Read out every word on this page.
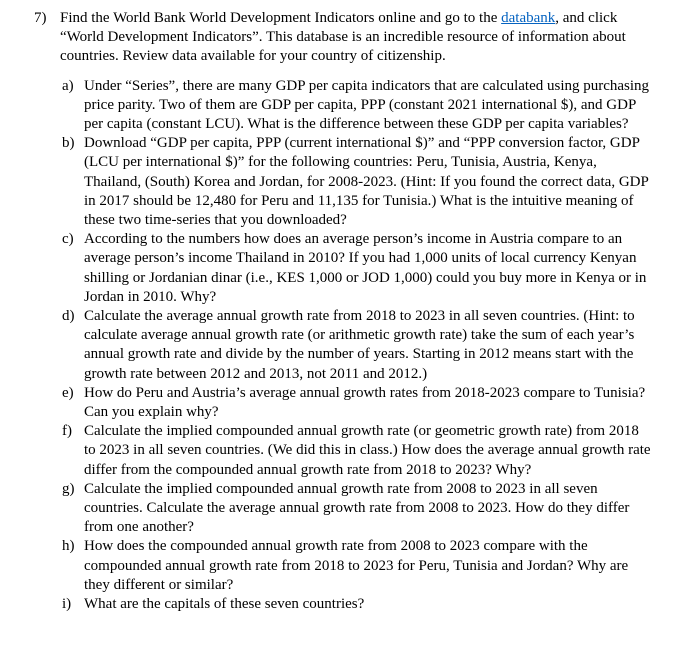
7) Find the World Bank World Development Indicators online and go to the databank, and click “World Development Indicators”. This database is an incredible resource of information about countries. Review data available for your country of citizenship.
a) Under “Series”, there are many GDP per capita indicators that are calculated using purchasing price parity. Two of them are GDP per capita, PPP (constant 2021 international $), and GDP per capita (constant LCU). What is the difference between these GDP per capita variables?
b) Download “GDP per capita, PPP (current international $)” and “PPP conversion factor, GDP (LCU per international $)” for the following countries: Peru, Tunisia, Austria, Kenya, Thailand, (South) Korea and Jordan, for 2008-2023. (Hint: If you found the correct data, GDP in 2017 should be 12,480 for Peru and 11,135 for Tunisia.) What is the intuitive meaning of these two time-series that you downloaded?
c) According to the numbers how does an average person’s income in Austria compare to an average person’s income Thailand in 2010? If you had 1,000 units of local currency Kenyan shilling or Jordanian dinar (i.e., KES 1,000 or JOD 1,000) could you buy more in Kenya or in Jordan in 2010. Why?
d) Calculate the average annual growth rate from 2018 to 2023 in all seven countries. (Hint: to calculate average annual growth rate (or arithmetic growth rate) take the sum of each year’s annual growth rate and divide by the number of years. Starting in 2012 means start with the growth rate between 2012 and 2013, not 2011 and 2012.)
e) How do Peru and Austria’s average annual growth rates from 2018-2023 compare to Tunisia? Can you explain why?
f) Calculate the implied compounded annual growth rate (or geometric growth rate) from 2018 to 2023 in all seven countries. (We did this in class.) How does the average annual growth rate differ from the compounded annual growth rate from 2018 to 2023? Why?
g) Calculate the implied compounded annual growth rate from 2008 to 2023 in all seven countries. Calculate the average annual growth rate from 2008 to 2023. How do they differ from one another?
h) How does the compounded annual growth rate from 2008 to 2023 compare with the compounded annual growth rate from 2018 to 2023 for Peru, Tunisia and Jordan? Why are they different or similar?
i) What are the capitals of these seven countries?
